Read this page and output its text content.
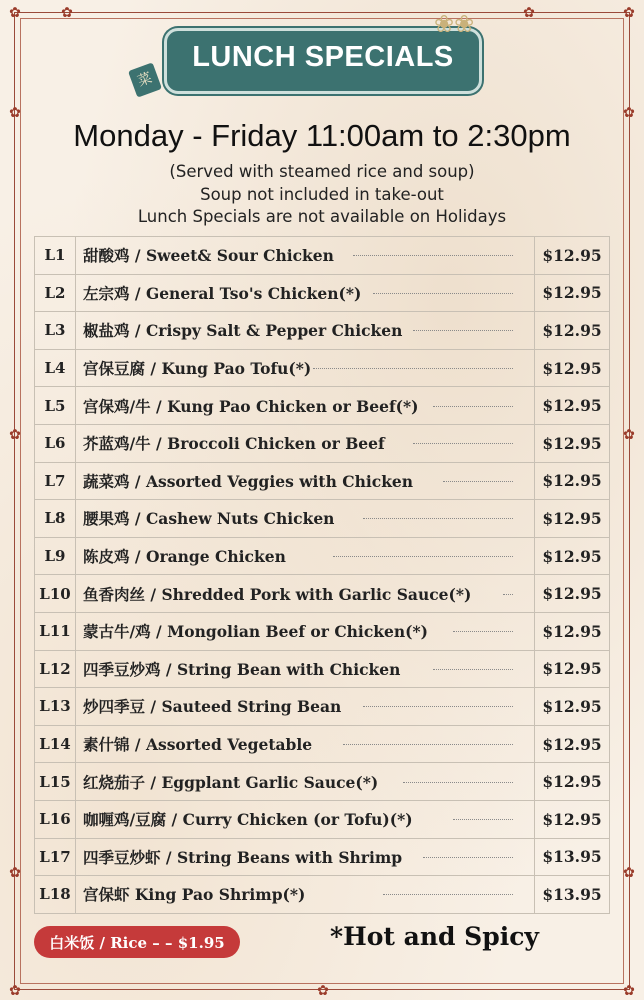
✿	✿
✿	✿
✿	✿
✿	✿
✿	✿
✿	✿
✿
LUNCH SPECIALS
菜
❀❀
Monday - Friday 11:00am to 2:30pm
(Served with steamed rice and soup)
Soup not included in take-out
Lunch Specials are not available on Holidays
L1	甜酸鸡 / Sweet& Sour Chicken	$12.95
L2	左宗鸡 / General Tso's Chicken(*)	$12.95
L3	椒盐鸡 / Crispy Salt & Pepper Chicken	$12.95
L4	宫保豆腐 / Kung Pao Tofu(*)	$12.95
L5	宫保鸡/牛 / Kung Pao Chicken or Beef(*)	$12.95
L6	芥蓝鸡/牛 / Broccoli Chicken or Beef	$12.95
L7	蔬菜鸡 / Assorted Veggies with Chicken	$12.95
L8	腰果鸡 / Cashew Nuts Chicken	$12.95
L9	陈皮鸡 / Orange Chicken	$12.95
L10 鱼香肉丝 / Shredded Pork with Garlic Sauce(*)	$12.95
L11 蒙古牛/鸡 / Mongolian Beef or Chicken(*)	$12.95
L12 四季豆炒鸡 / String Bean with Chicken	$12.95
L13 炒四季豆 / Sauteed String Bean	$12.95
L14 素什锦 / Assorted Vegetable	$12.95
L15 红烧茄子 / Eggplant Garlic Sauce(*)	$12.95
L16 咖喱鸡/豆腐 / Curry Chicken (or Tofu)(*)	$12.95
L17 四季豆炒虾 / String Beans with Shrimp	$13.95
L18 宫保虾 King Pao Shrimp(*)	$13.95
白米饭 / Rice – – $1.95	*Hot and Spicy
